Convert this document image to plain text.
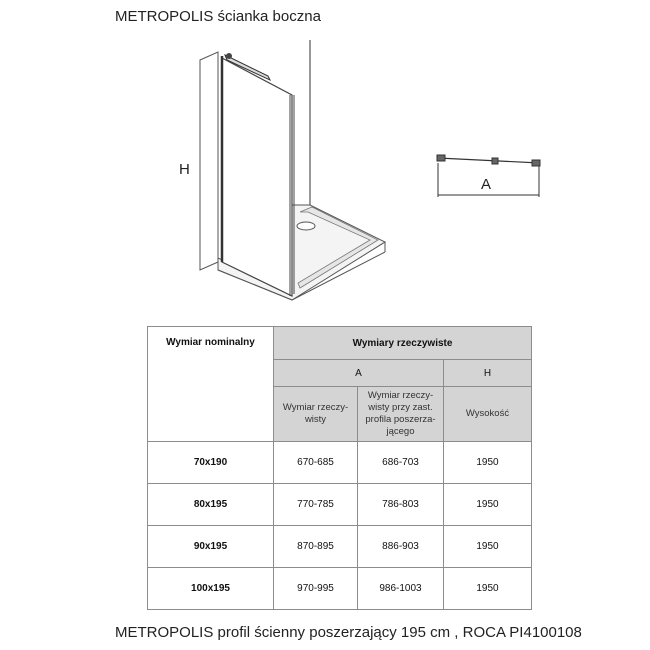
METROPOLIS ścianka boczna
H
A
Wymiar nominalny	Wymiary rzeczywiste		
	A		H
	Wymiar rzeczy-wisty	Wymiar rzeczy-wisty przy zast. profila poszerza-jącego	Wysokość
70x190	670-685	686-703	1950
80x195	770-785	786-803	1950
90x195	870-895	886-903	1950
100x195	970-995	986-1003	1950
METROPOLIS profil ścienny poszerzający 195 cm , ROCA PI4100108
